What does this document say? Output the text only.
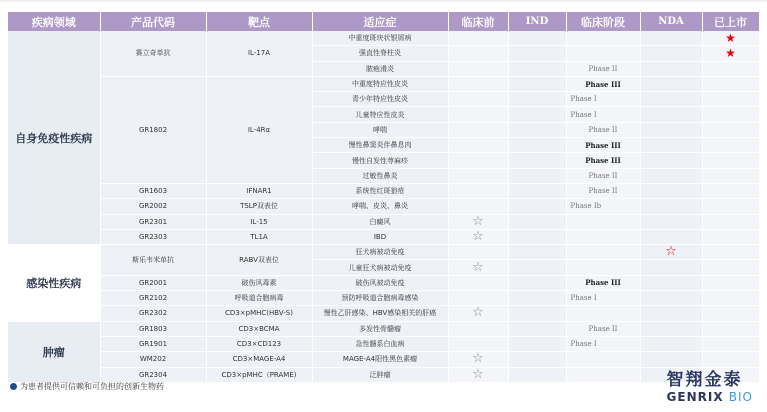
疾病领域	产品代码	靶点	适应症	临床前	IND	临床阶段	NDA	已上市
自身免疫性疾病	赛立奇单抗	IL-17A	中重度斑块状银屑病					★
			强直性脊柱炎					★
			脓疱滑炎			Phase II		
	GR1802	IL-4Rα	中重度特应性皮炎			Phase III		
			青少年特应性皮炎			Phase I		
			儿童特应性皮炎			Phase I		
			哮喘			Phase II		
			慢性鼻窦炎伴鼻息肉			Phase III		
			慢性自发性荨麻疹			Phase III		
			过敏性鼻炎			Phase II		
	GR1603	IFNAR1	系统性红斑狼疮			Phase II		
	GR2002	TSLP双表位	哮喘、皮炎、鼻炎			Phase Ib		
	GR2301	IL-15	白癜风	☆				
	GR2303	TL1A	IBD	☆				
感染性疾病	斯乐韦米单抗	RABV双表位	狂犬病被动免疫				☆	
			儿童狂犬病被动免疫	☆				
	GR2001	破伤风毒素	破伤风被动免疫			Phase III		
	GR2102	呼吸道合胞病毒	预防呼吸道合胞病毒感染			Phase I		
	GR2302	CD3×pMHC(HBV-S)	慢性乙肝感染、HBV感染相关的肝癌	☆				
肿瘤	GR1803	CD3×BCMA	多发性骨髓瘤			Phase II		
	GR1901	CD3×CD123	急性髓系白血病			Phase I		
	WM202	CD3×MAGE-A4	MAGE-A4阳性黑色素瘤	☆				
	GR2304	CD3×pMHC（PRAME)	泛肿瘤	☆				
为患者提供可信赖和可负担的创新生物药	智翔金泰
GENRIX BIO
